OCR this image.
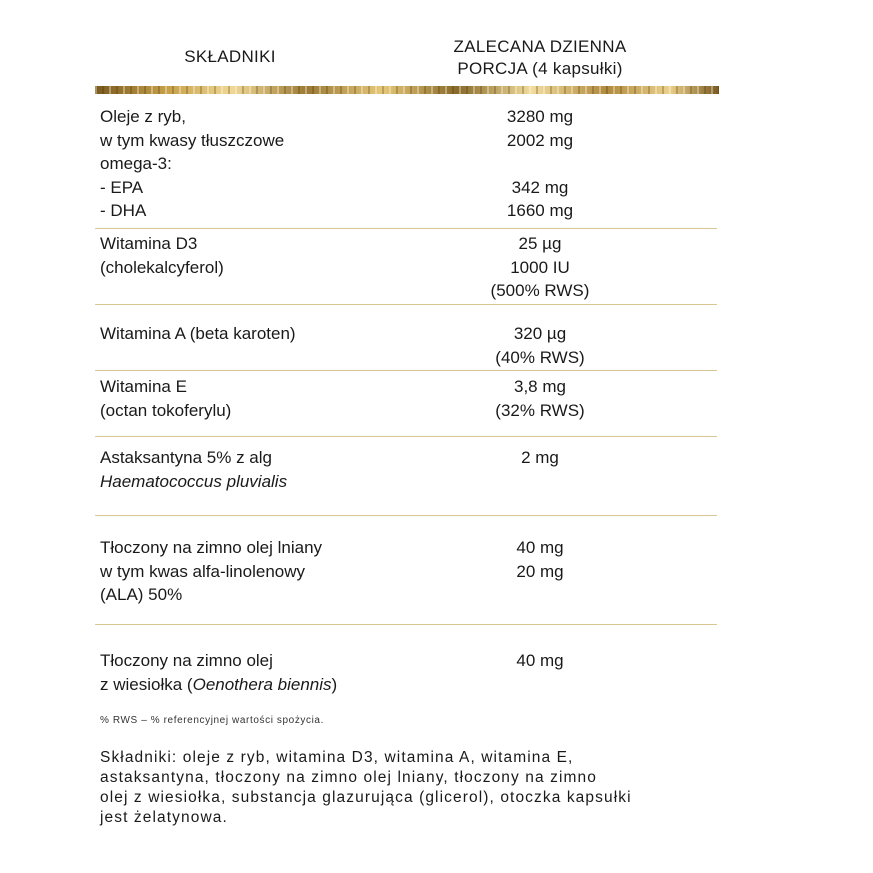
SKŁADNIKI
ZALECANA DZIENNA
PORCJA (4 kapsułki)
Oleje z ryb,
w tym kwasy tłuszczowe
omega-3:
- EPA
- DHA
3280 mg
2002 mg

342 mg
1660 mg
Witamina D3
(cholekalcyferol)
25 µg
1000 IU
(500% RWS)
Witamina A (beta karoten)	320 µg
(40% RWS)
Witamina E
(octan tokoferylu)
3,8 mg
(32% RWS)
Astaksantyna 5% z alg
Haematococcus pluvialis
2 mg
Tłoczony na zimno olej lniany
w tym kwas alfa-linolenowy
(ALA) 50%
40 mg
20 mg
Tłoczony na zimno olej
z wiesiołka (Oenothera biennis)
40 mg
% RWS – % referencyjnej wartości spożycia.
Składniki: oleje z ryb, witamina D3, witamina A, witamina E,
astaksantyna, tłoczony na zimno olej lniany, tłoczony na zimno
olej z wiesiołka, substancja glazurująca (glicerol), otoczka kapsułki
jest żelatynowa.
